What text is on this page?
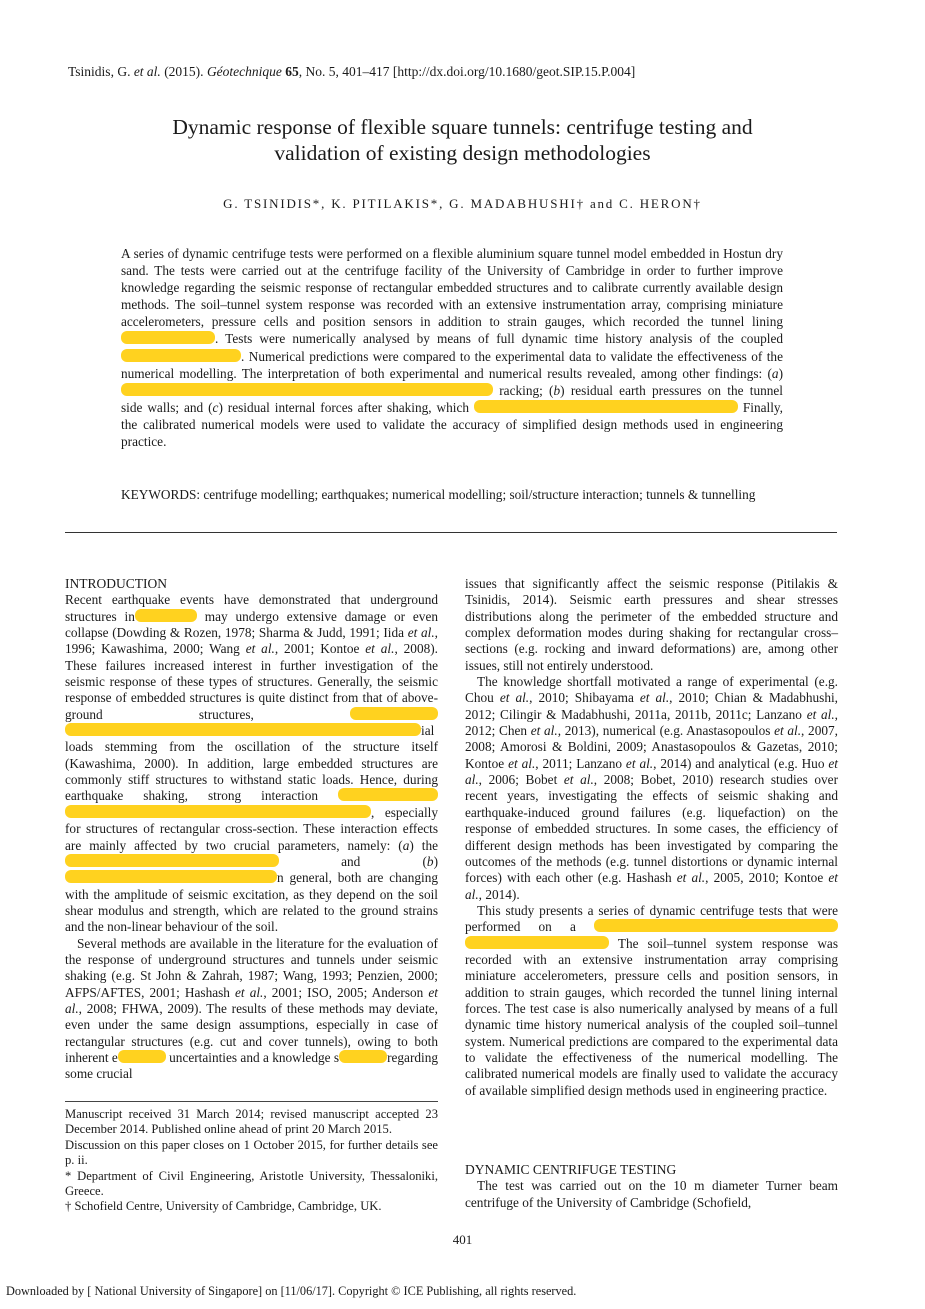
Tsinidis, G. et al. (2015). Géotechnique 65, No. 5, 401–417 [http://dx.doi.org/10.1680/geot.SIP.15.P.004]
Dynamic response of flexible square tunnels: centrifuge testing and
validation of existing design methodologies
G. TSINIDIS*, K. PITILAKIS*, G. MADABHUSHI† and C. HERON†
A series of dynamic centrifuge tests were performed on a flexible aluminium square tunnel model embedded in Hostun dry sand. The tests were carried out at the centrifuge facility of the University of Cambridge in order to further improve knowledge regarding the seismic response of rectangular embedded structures and to calibrate currently available design methods. The soil–tunnel system response was recorded with an extensive instrumentation array, comprising miniature accelerometers, pressure cells and position sensors in addition to strain gauges, which recorded the tunnel lining . Tests were numerically analysed by means of full dynamic time history analysis of the coupled . Numerical predictions were compared to the experimental data to validate the effectiveness of the numerical modelling. The interpretation of both experimental and numerical results revealed, among other findings: (a)  racking; (b) residual earth pressures on the tunnel side walls; and (c) residual internal forces after shaking, which	Finally, the calibrated numerical models were used to validate the accuracy of simplified design methods used in engineering practice.
KEYWORDS: centrifuge modelling; earthquakes; numerical modelling; soil/structure interaction; tunnels & tunnelling
INTRODUCTION

Recent earthquake events have demonstrated that underground structures in	may undergo extensive damage or even collapse (Dowding & Rozen, 1978; Sharma & Judd, 1991; Iida et al., 1996; Kawashima, 2000; Wang et al., 2001; Kontoe et al., 2008). These failures increased interest in further investigation of the seismic response of these types of structures. Generally, the seismic response of embedded structures is quite distinct from that of above-ground structures,  ial loads stemming from the oscillation of the structure itself (Kawashima, 2000). In addition, large embedded structures are commonly stiff structures to withstand static loads. Hence, during earthquake shaking, strong interaction  , especially for structures of rectangular cross-section. These interaction effects are mainly affected by two crucial parameters, namely: (a) the  and (b) n general, both are changing with the amplitude of seismic excitation, as they depend on the soil shear modulus and strength, which are related to the ground strains and the non-linear behaviour of the soil.

Several methods are available in the literature for the evaluation of the response of underground structures and tunnels under seismic shaking (e.g. St John & Zahrah, 1987; Wang, 1993; Penzien, 2000; AFPS/AFTES, 2001; Hashash et al., 2001; ISO, 2005; Anderson et al., 2008; FHWA, 2009). The results of these methods may deviate, even under the same design assumptions, especially in case of rectangular structures (e.g. cut and cover tunnels), owing to both inherent e	uncertainties and a knowledge s	regarding some crucial

Manuscript received 31 March 2014; revised manuscript accepted 23 December 2014. Published online ahead of print 20 March 2015.

Discussion on this paper closes on 1 October 2015, for further details see p. ii.

* Department of Civil Engineering, Aristotle University, Thessaloniki, Greece.

† Schofield Centre, University of Cambridge, Cambridge, UK.

issues that significantly affect the seismic response (Pitilakis & Tsinidis, 2014). Seismic earth pressures and shear stresses distributions along the perimeter of the embedded structure and complex deformation modes during shaking for rectangular cross–sections (e.g. rocking and inward deformations) are, among other issues, still not entirely understood.

The knowledge shortfall motivated a range of experimental (e.g. Chou et al., 2010; Shibayama et al., 2010; Chian & Madabhushi, 2012; Cilingir & Madabhushi, 2011a, 2011b, 2011c; Lanzano et al., 2012; Chen et al., 2013), numerical (e.g. Anastasopoulos et al., 2007, 2008; Amorosi & Boldini, 2009; Anastasopoulos & Gazetas, 2010; Kontoe et al., 2011; Lanzano et al., 2014) and analytical (e.g. Huo et al., 2006; Bobet et al., 2008; Bobet, 2010) research studies over recent years, investigating the effects of seismic shaking and earthquake-induced ground failures (e.g. liquefaction) on the response of embedded structures. In some cases, the efficiency of different design methods has been investigated by comparing the outcomes of the methods (e.g. tunnel distortions or dynamic internal forces) with each other (e.g. Hashash et al., 2005, 2010; Kontoe et al., 2014).

This study presents a series of dynamic centrifuge tests that were performed on a   The soil–tunnel system response was recorded with an extensive instrumentation array comprising miniature accelerometers, pressure cells and position sensors, in addition to strain gauges, which recorded the tunnel lining internal forces. The test case is also numerically analysed by means of a full dynamic time history numerical analysis of the coupled soil–tunnel system. Numerical predictions are compared to the experimental data to validate the effectiveness of the numerical modelling. The calibrated numerical models are finally used to validate the accuracy of available simplified design methods used in engineering practice.

DYNAMIC CENTRIFUGE TESTING

The test was carried out on the 10 m diameter Turner beam centrifuge of the University of Cambridge (Schofield,

401
Downloaded by [ National University of Singapore] on [11/06/17]. Copyright © ICE Publishing, all rights reserved.
